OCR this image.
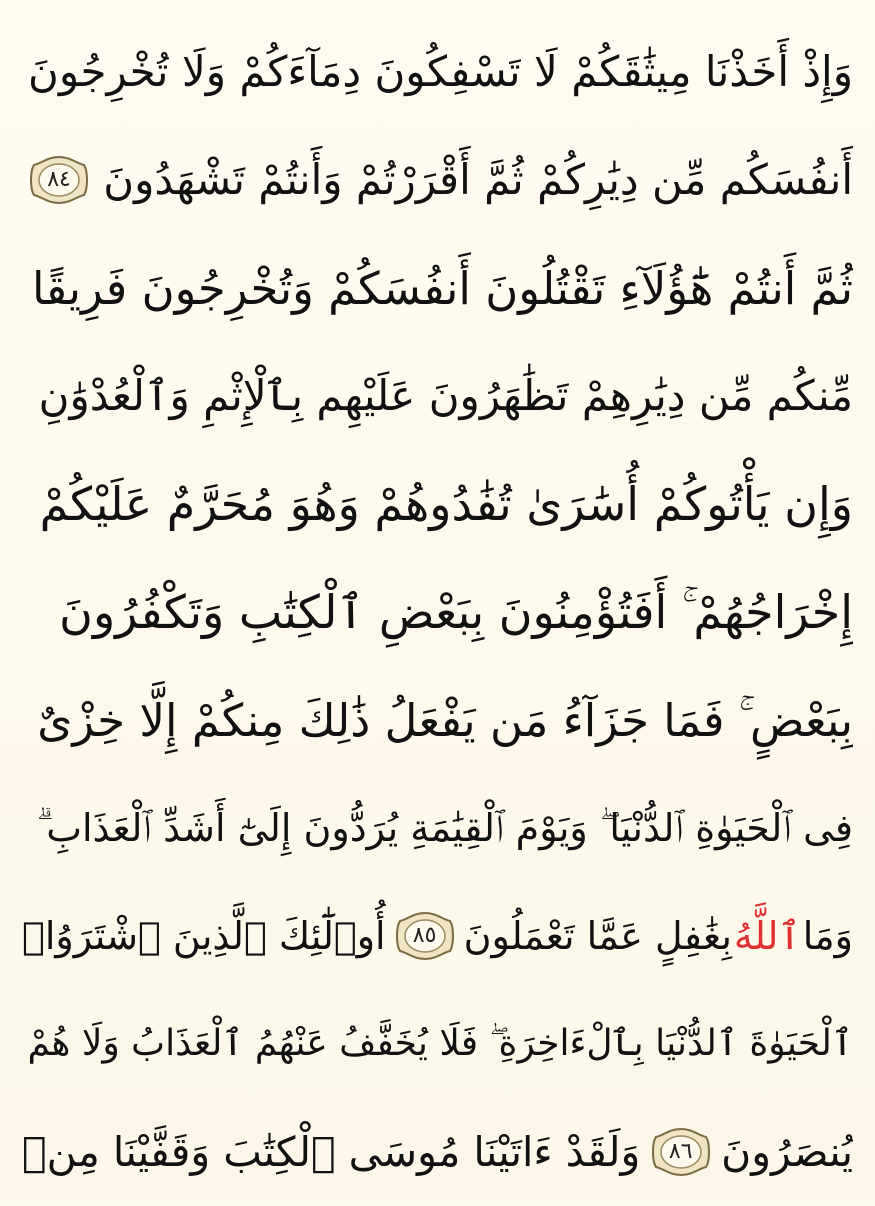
وَإِذْ أَخَذْنَا مِيثَٰقَكُمْ لَا تَسْفِكُونَ دِمَآءَكُمْ وَلَا تُخْرِجُونَ
أَنفُسَكُم مِّن دِيَٰرِكُمْ ثُمَّ أَقْرَرْتُمْ وَأَنتُمْ تَشْهَدُونَ
٨٤
ثُمَّ أَنتُمْ هَٰٓؤُلَآءِ تَقْتُلُونَ أَنفُسَكُمْ وَتُخْرِجُونَ فَرِيقًا
مِّنكُم مِّن دِيَٰرِهِمْ تَظَٰهَرُونَ عَلَيْهِم بِٱلْإِثْمِ وَٱلْعُدْوَٰنِ
وَإِن يَأْتُوكُمْ أُسَٰرَىٰ تُفَٰدُوهُمْ وَهُوَ مُحَرَّمٌ عَلَيْكُمْ
إِخْرَاجُهُمْ ۚ أَفَتُؤْمِنُونَ بِبَعْضِ ٱلْكِتَٰبِ وَتَكْفُرُونَ
بِبَعْضٍ ۚ فَمَا جَزَآءُ مَن يَفْعَلُ ذَٰلِكَ مِنكُمْ إِلَّا خِزْىٌ
فِى ٱلْحَيَوٰةِ ٱلدُّنْيَا ۖ وَيَوْمَ ٱلْقِيَٰمَةِ يُرَدُّونَ إِلَىٰٓ أَشَدِّ ٱلْعَذَابِ ۗ
وَمَا
ٱللَّهُ
بِغَٰفِلٍ عَمَّا تَعْمَلُونَ
٨٥
أُو۟لَٰٓئِكَ ٱلَّذِينَ ٱشْتَرَوُا۟
ٱلْحَيَوٰةَ ٱلدُّنْيَا بِٱلْءَاخِرَةِ ۖ فَلَا يُخَفَّفُ عَنْهُمُ ٱلْعَذَابُ وَلَا هُمْ
يُنصَرُونَ
٨٦
وَلَقَدْ ءَاتَيْنَا مُوسَى ٱلْكِتَٰبَ وَقَفَّيْنَا مِنۢ
